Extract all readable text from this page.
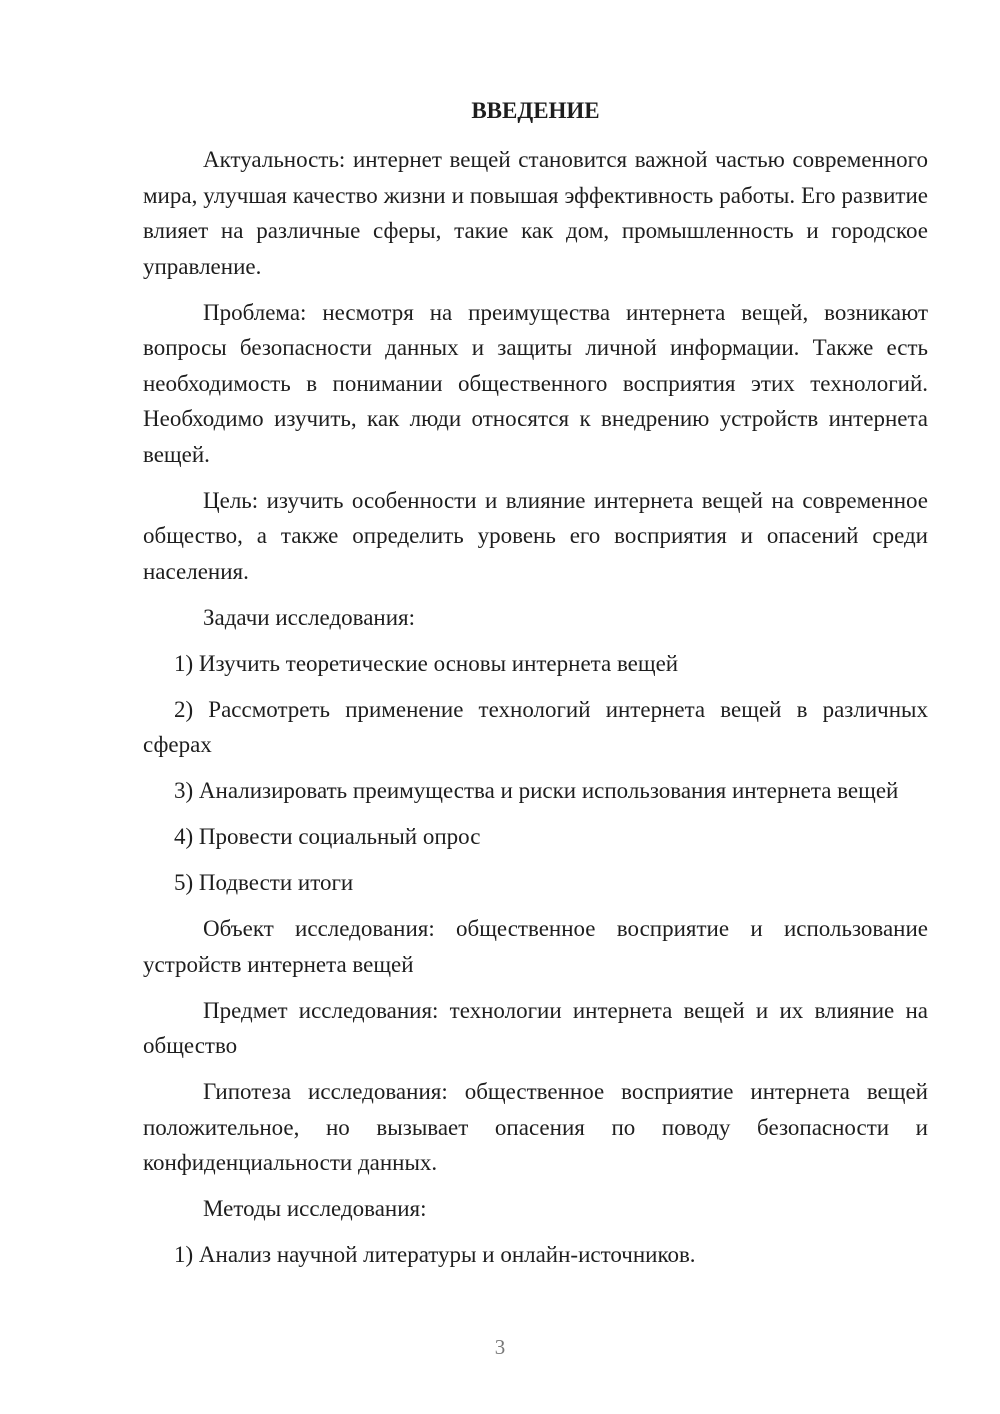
ВВЕДЕНИЕ

Актуальность: интернет вещей становится важной частью современного мира, улучшая качество жизни и повышая эффективность работы. Его развитие влияет на различные сферы, такие как дом, промышленность и городское управление.

Проблема: несмотря на преимущества интернета вещей, возникают вопросы безопасности данных и защиты личной информации. Также есть необходимость в понимании общественного восприятия этих технологий. Необходимо изучить, как люди относятся к внедрению устройств интернета вещей.

Цель: изучить особенности и влияние интернета вещей на современное общество, а также определить уровень его восприятия и опасений среди населения.

Задачи исследования:

1) Изучить теоретические основы интернета вещей

2) Рассмотреть применение технологий интернета вещей в различных сферах

3) Анализировать преимущества и риски использования интернета вещей

4) Провести социальный опрос

5) Подвести итоги

Объект исследования: общественное восприятие и использование устройств интернета вещей

Предмет исследования: технологии интернета вещей и их влияние на общество

Гипотеза исследования: общественное восприятие интернета вещей положительное, но вызывает опасения по поводу безопасности и конфиденциальности данных.

Методы исследования:

1) Анализ научной литературы и онлайн-источников.

3
